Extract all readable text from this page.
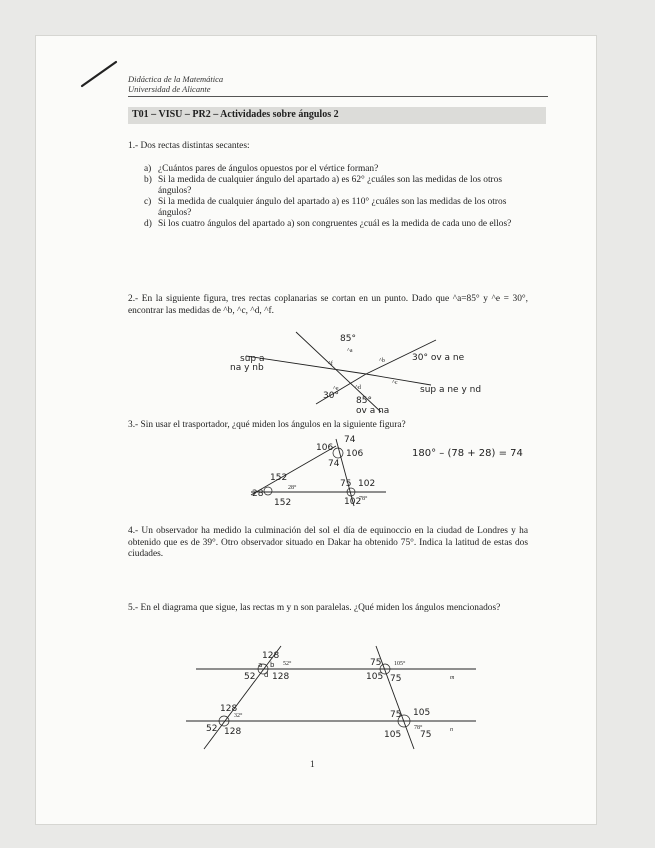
Didáctica de la Matemática
Universidad de Alicante
T01 – VISU – PR2 – Actividades sobre ángulos 2
1.- Dos rectas distintas secantes:
a) ¿Cuántos pares de ángulos opuestos por el vértice forman?
b) Si la medida de cualquier ángulo del apartado a) es 62° ¿cuáles son las medidas de los otros ángulos?
c) Si la medida de cualquier ángulo del apartado a) es 110° ¿cuáles son las medidas de los otros ángulos?
d) Si los cuatro ángulos del apartado a) son congruentes ¿cuál es la medida de cada uno de ellos?
2.- En la siguiente figura, tres rectas coplanarias se cortan en un punto. Dado que ^a=85° y ^e = 30°, encontrar las medidas de ^b, ^c, ^d, ^f.
^a
^b
^c
^d
^e
^f
sup a
na y nb
85°
30° ov a ne
sup a ne y nd
30° 85°
ov a na
3.- Sin usar el trasportador, ¿qué miden los ángulos en la siguiente figura?
28°
78°
74
106
106
74
152
28
152
75 102
102
180° – (78 + 28) = 74
4.- Un observador ha medido la culminación del sol el día de equinoccio en la ciudad de Londres y ha obtenido que es de 39°. Otro observador situado en Dakar ha obtenido 75°. Indica la latitud de estas dos ciudades.
5.- En el diagrama que sigue, las rectas m y n son paralelas. ¿Qué miden los ángulos mencionados?
52°	105°
32°
78°
m
n
128
a b
52 d 128
75
105 75
128
52 128
75 105
105 75
1
